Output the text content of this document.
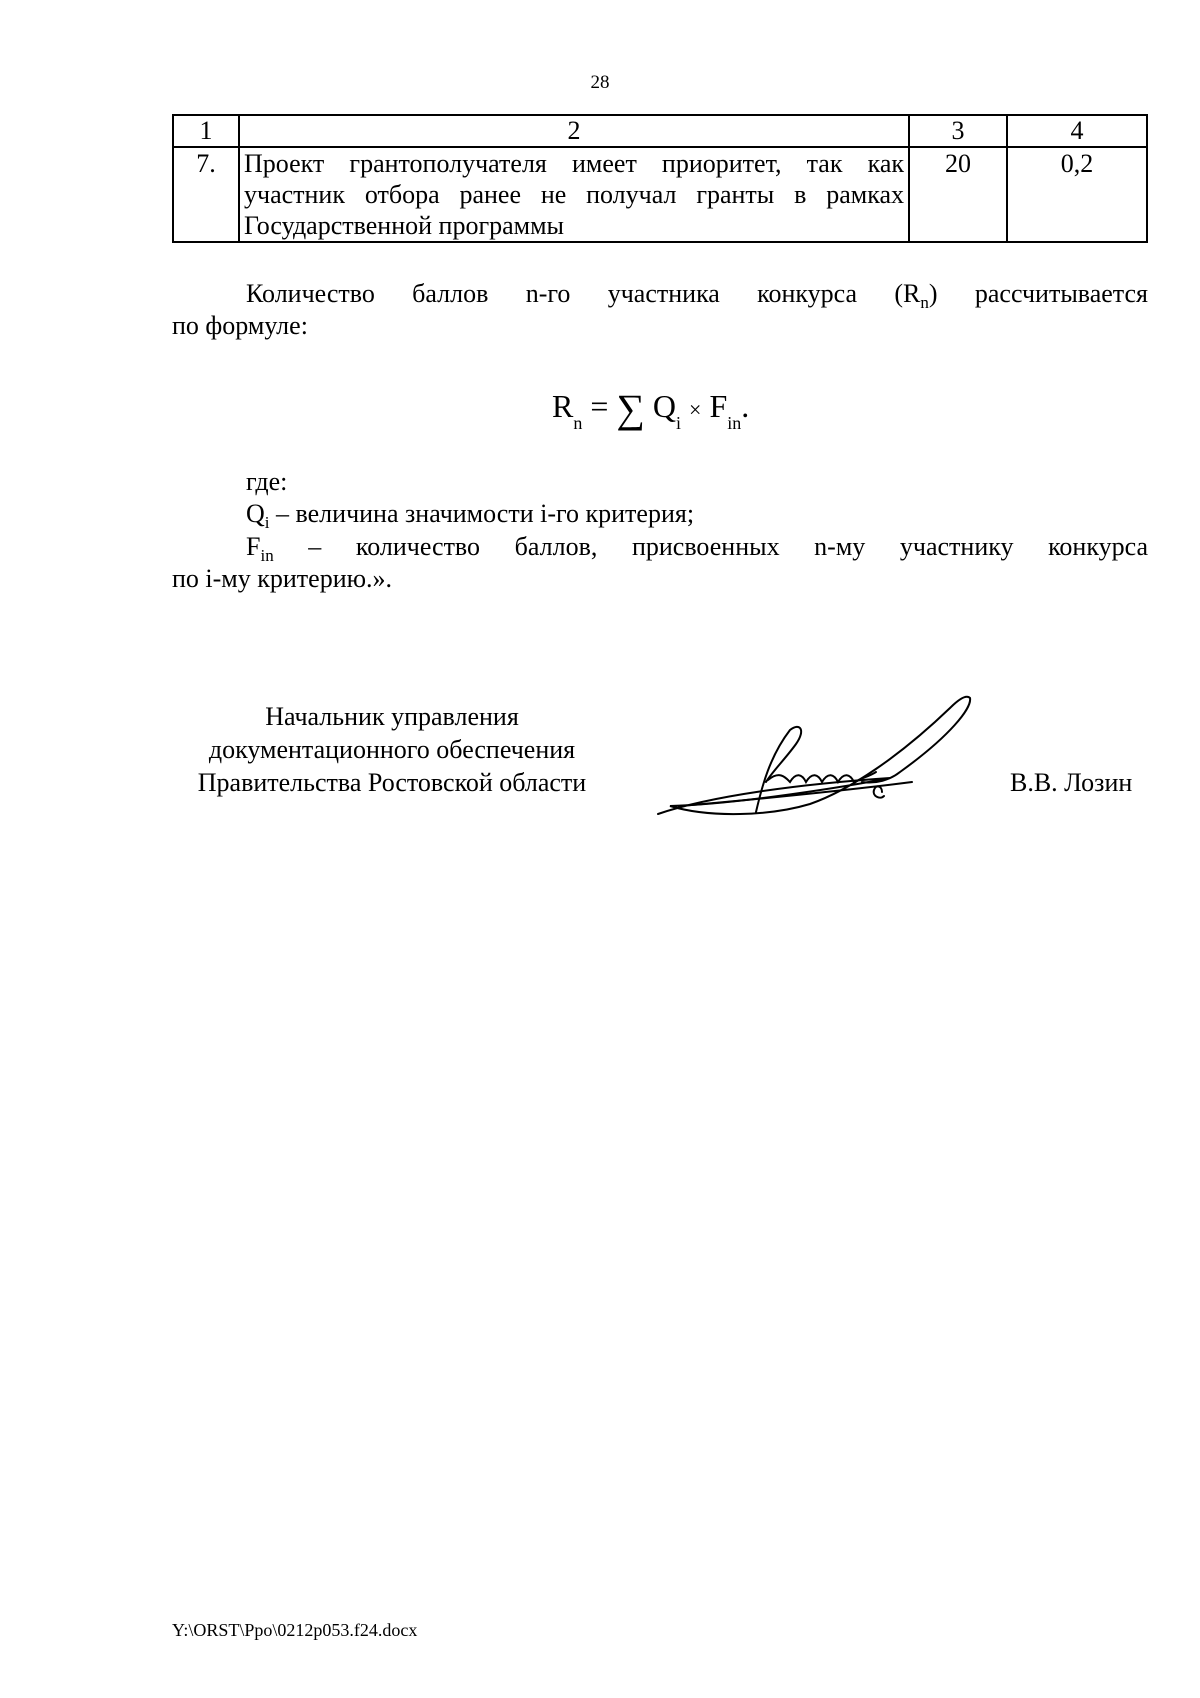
28
1	2	3	4
7.	Проект грантополучателя имеет приоритет, так как участник отбора ранее не получал гранты в рамках Государственной программы	20	0,2
Количество баллов n-го участника конкурса $(R_n)$ рассчитывается
по формуле:
$R_n$ = ∑ $Q_i \times F_{in}$.
где:
$Q_i$ – величина значимости i-го критерия;
$F_{in}$ – количество баллов, присвоенных n-му участнику конкурса
по i-му критерию.».
Начальник управления
документационного обеспечения
Правительства Ростовской области	В.В. Лозин
Y:\ORST\Ppo\0212p053.f24.docx
